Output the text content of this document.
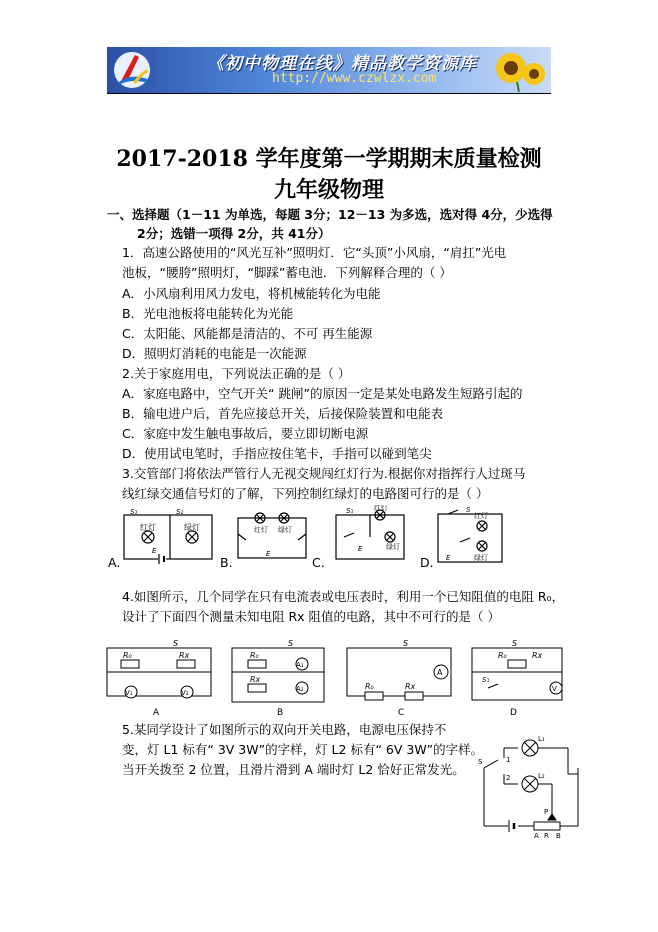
《初中物理在线》精品教学资源库
http://www.czwlzx.com
2017-2018 学年度第一学期期末质量检测
九年级物理
一、选择题（1－11 为单选，每题 3分；12－13 为多选，选对得 4分，少选得
2分；选错一项得 2分，共 41分）
1．高速公路使用的“风光互补”照明灯．它“头顶”小风扇，“肩扛”光电
池板，“腰胯”照明灯，“脚踩”蓄电池．下列解释合理的（ ）
A．小风扇利用风力发电，将机械能转化为电能
B．光电池板将电能转化为光能
C．太阳能、风能都是清洁的、不可 再生能源
D．照明灯消耗的电能是一次能源
2.关于家庭用电，下列说法正确的是（ ）
A．家庭电路中，空气开关“ 跳闸”的原因一定是某处电路发生短路引起的
B．输电进户后，首先应接总开关，后接保险装置和电能表
C．家庭中发生触电事故后，要立即切断电源
D．使用试电笔时，手指应按住笔卡，手指可以碰到笔尖
3.交管部门将依法严管行人无视交规闯红灯行为.根据你对指挥行人过斑马
线红绿交通信号灯的了解，下列控制红绿灯的电路图可行的是（ ）
红灯	绿灯
S₁	S₂
E
A.
红灯 绿灯
E
B.
S₁	红灯
绿灯
E
C.
S
红灯
绿灯
E
D.
4.如图所示，几个同学在只有电流表或电压表时，利用一个已知阻值的电阻 R₀，
设计了下面四个测量未知电阻 Rx 阻值的电路，其中不可行的是（ ）
S
R₀	Rx
V₁	V₂
A
S
R₀
Rx
A₁
A₂
B
S
R₀	Rx
A
C
S
Rx
R₀
V
S₁
D
5.某同学设计了如图所示的双向开关电路，电源电压保持不
变，灯 L1 标有“ 3V 3W”的字样，灯 L2 标有“ 6V 3W”的字样。
当开关拨至 2 位置，且滑片滑到 A 端时灯 L2 恰好正常发光。 S	1
2
L₁
L₂
P
A R B
